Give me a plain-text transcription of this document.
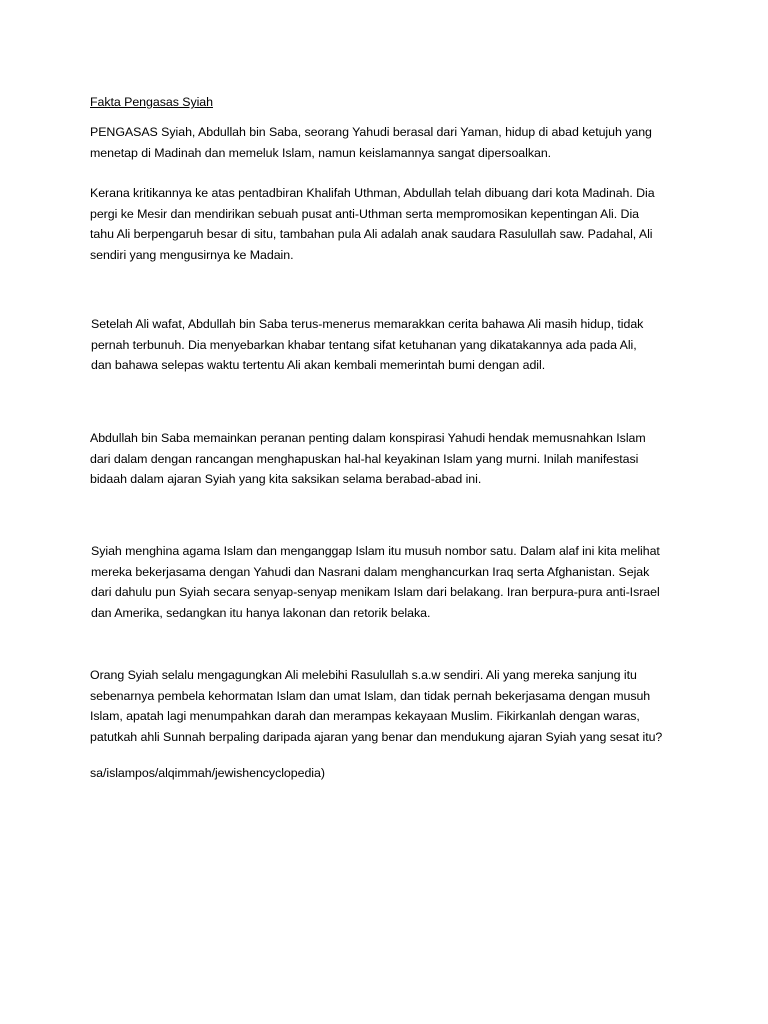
Fakta Pengasas Syiah
PENGASAS Syiah, Abdullah bin Saba, seorang Yahudi berasal dari Yaman, hidup di abad ketujuh yang
menetap di Madinah dan memeluk Islam, namun keislamannya sangat dipersoalkan.
Kerana kritikannya ke atas pentadbiran Khalifah Uthman, Abdullah telah dibuang dari kota Madinah. Dia
pergi ke Mesir dan mendirikan sebuah pusat anti-Uthman serta mempromosikan kepentingan Ali. Dia
tahu Ali berpengaruh besar di situ, tambahan pula Ali adalah anak saudara Rasulullah saw. Padahal, Ali
sendiri yang mengusirnya ke Madain.
Setelah Ali wafat, Abdullah bin Saba terus-menerus memarakkan cerita bahawa Ali masih hidup, tidak
pernah terbunuh. Dia menyebarkan khabar tentang sifat ketuhanan yang dikatakannya ada pada Ali,
dan bahawa selepas waktu tertentu Ali akan kembali memerintah bumi dengan adil.
Abdullah bin Saba memainkan peranan penting dalam konspirasi Yahudi hendak memusnahkan Islam
dari dalam dengan rancangan menghapuskan hal-hal keyakinan Islam yang murni. Inilah manifestasi
bidaah dalam ajaran Syiah yang kita saksikan selama berabad-abad ini.
Syiah menghina agama Islam dan menganggap Islam itu musuh nombor satu. Dalam alaf ini kita melihat
mereka bekerjasama dengan Yahudi dan Nasrani dalam menghancurkan Iraq serta Afghanistan. Sejak
dari dahulu pun Syiah secara senyap-senyap menikam Islam dari belakang. Iran berpura-pura anti-Israel
dan Amerika, sedangkan itu hanya lakonan dan retorik belaka.
Orang Syiah selalu mengagungkan Ali melebihi Rasulullah s.a.w sendiri. Ali yang mereka sanjung itu
sebenarnya pembela kehormatan Islam dan umat Islam, dan tidak pernah bekerjasama dengan musuh
Islam, apatah lagi menumpahkan darah dan merampas kekayaan Muslim. Fikirkanlah dengan waras,
patutkah ahli Sunnah berpaling daripada ajaran yang benar dan mendukung ajaran Syiah yang sesat itu?
sa/islampos/alqimmah/jewishencyclopedia)
